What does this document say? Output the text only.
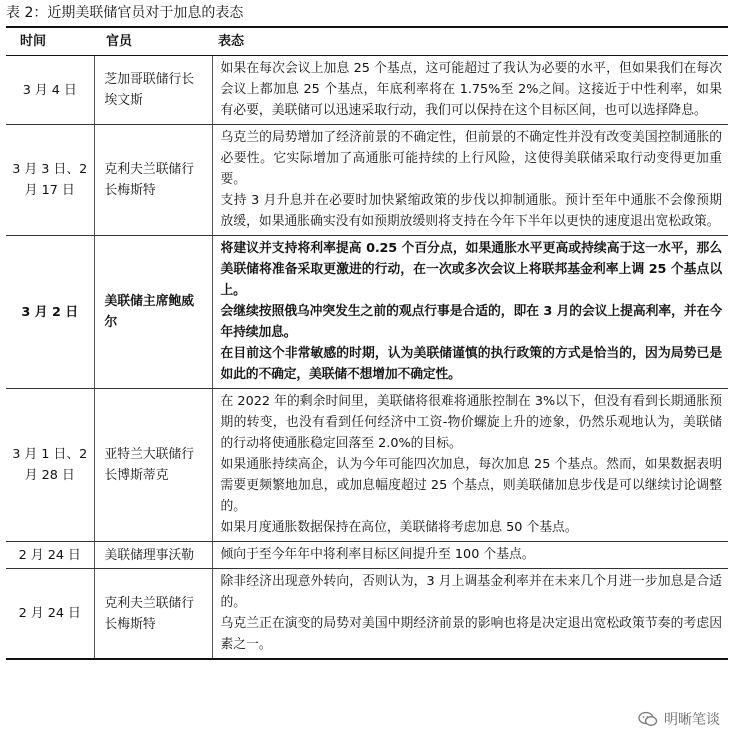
表 2：近期美联储官员对于加息的表态
时间	官员	表态
3 月 4 日	芝加哥联储行长埃文斯	如果在每次会议上加息 25 个基点，这可能超过了我认为必要的水平，但如果我们在每次会议上都加息 25 个基点，年底利率将在 1.75%至 2%之间。这接近于中性利率，如果有必要，美联储可以迅速采取行动，我们可以保持在这个目标区间，也可以选择降息。

3 月 3 日、2 月 17 日	克利夫兰联储行长梅斯特	乌克兰的局势增加了经济前景的不确定性，但前景的不确定性并没有改变美国控制通胀的必要性。它实际增加了高通胀可能持续的上行风险，这使得美联储采取行动变得更加重要。

支持 3 月升息并在必要时加快紧缩政策的步伐以抑制通胀。预计至年中通胀不会像预期放缓，如果通胀确实没有如预期放缓则将支持在今年下半年以更快的速度退出宽松政策。

3 月 2 日	美联储主席鲍威尔	将建议并支持将利率提高 0.25 个百分点，如果通胀水平更高或持续高于这一水平，那么美联储将准备采取更激进的行动，在一次或多次会议上将联邦基金利率上调 25 个基点以上。

会继续按照俄乌冲突发生之前的观点行事是合适的，即在 3 月的会议上提高利率，并在今年持续加息。

在目前这个非常敏感的时期，认为美联储谨慎的执行政策的方式是恰当的，因为局势已是如此的不确定，美联储不想增加不确定性。

3 月 1 日、2 月 28 日	亚特兰大联储行长博斯蒂克	在 2022 年的剩余时间里，美联储将很难将通胀控制在 3%以下，但没有看到长期通胀预期的转变，也没有看到任何经济中工资-物价螺旋上升的迹象，仍然乐观地认为，美联储的行动将使通胀稳定回落至 2.0%的目标。

如果通胀持续高企，认为今年可能四次加息，每次加息 25 个基点。然而，如果数据表明需要更频繁地加息，或加息幅度超过 25 个基点，则美联储加息步伐是可以继续讨论调整的。

如果月度通胀数据保持在高位，美联储将考虑加息 50 个基点。

2 月 24 日	美联储理事沃勒	倾向于至今年年中将利率目标区间提升至 100 个基点。

2 月 24 日	克利夫兰联储行长梅斯特	除非经济出现意外转向，否则认为，3 月上调基金利率并在未来几个月进一步加息是合适的。

乌克兰正在演变的局势对美国中期经济前景的影响也将是决定退出宽松政策节奏的考虑因素之一。

明晰笔谈
